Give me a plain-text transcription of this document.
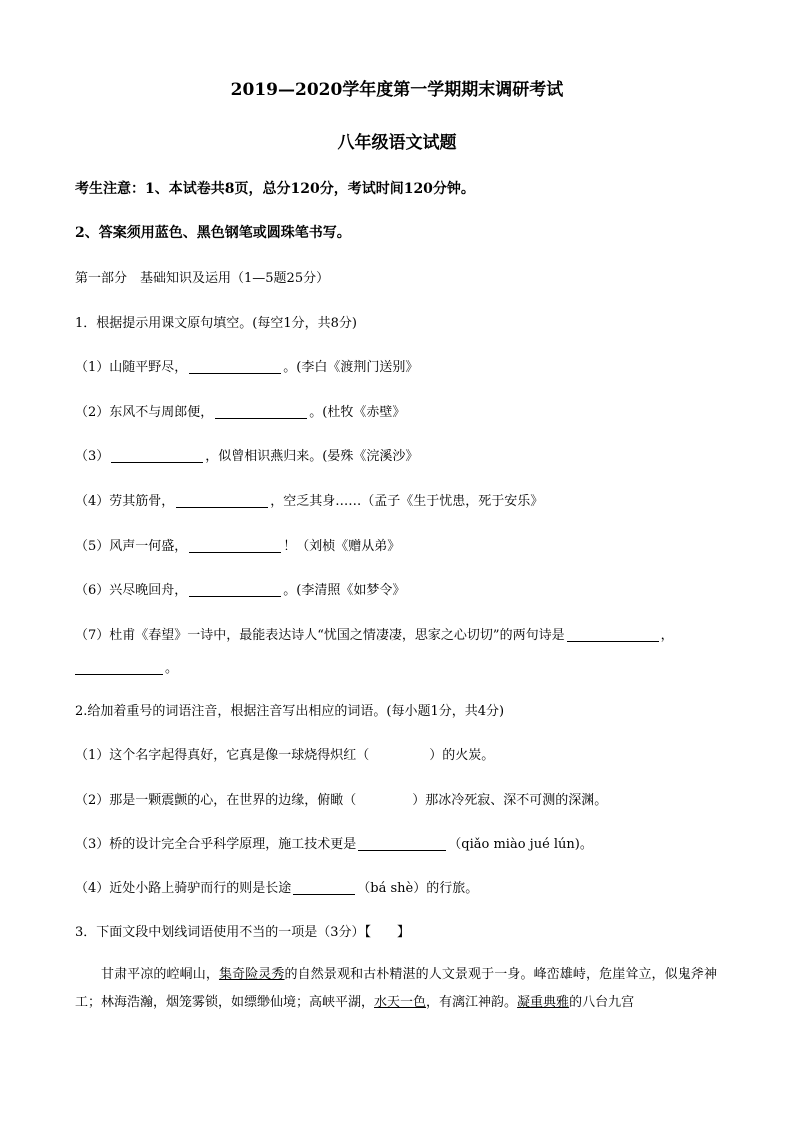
2019—2020学年度第一学期期末调研考试
八年级语文试题
考生注意：1、本试卷共8页，总分120分，考试时间120分钟。
2、答案须用蓝色、黑色钢笔或圆珠笔书写。
第一部分　基础知识及运用（1—5题25分）
1．根据提示用课文原句填空。(每空1分，共8分)
（1）山随平野尽，	。(李白《渡荆门送别》
（2）东风不与周郎便，	。(杜牧《赤壁》
（3）	，似曾相识燕归来。(晏殊《浣溪沙》
（4）劳其筋骨，	，空乏其身……（孟子《生于忧患，死于安乐》
（5）风声一何盛，	！（刘桢《赠从弟》
（6）兴尽晚回舟，	。(李清照《如梦令》
（7）杜甫《春望》一诗中，最能表达诗人“忧国之情凄凄，思家之心切切”的两句诗是	，
。
2.给加着重号的词语注音，根据注音写出相应的词语。(每小题1分，共4分)
（1）这个名字起得真好，它真是像一球烧得炽红（	）的火炭。
（2）那是一颗震颤的心，在世界的边缘，俯瞰（	）那冰冷死寂、深不可测的深渊。
（3）桥的设计完全合乎科学原理，施工技术更是	（qiǎo miào jué lún)。
（4）近处小路上骑驴而行的则是长途	（bá shè）的行旅。
3．下面文段中划线词语使用不当的一项是（3分）【　　】
甘肃平凉的崆峒山，集奇险灵秀的自然景观和古朴精湛的人文景观于一身。峰峦雄峙，危崖耸立，似鬼斧神工；林海浩瀚，烟笼雾锁，如缥缈仙境；高峡平湖，水天一色，有漓江神韵。凝重典雅的八台九宫
